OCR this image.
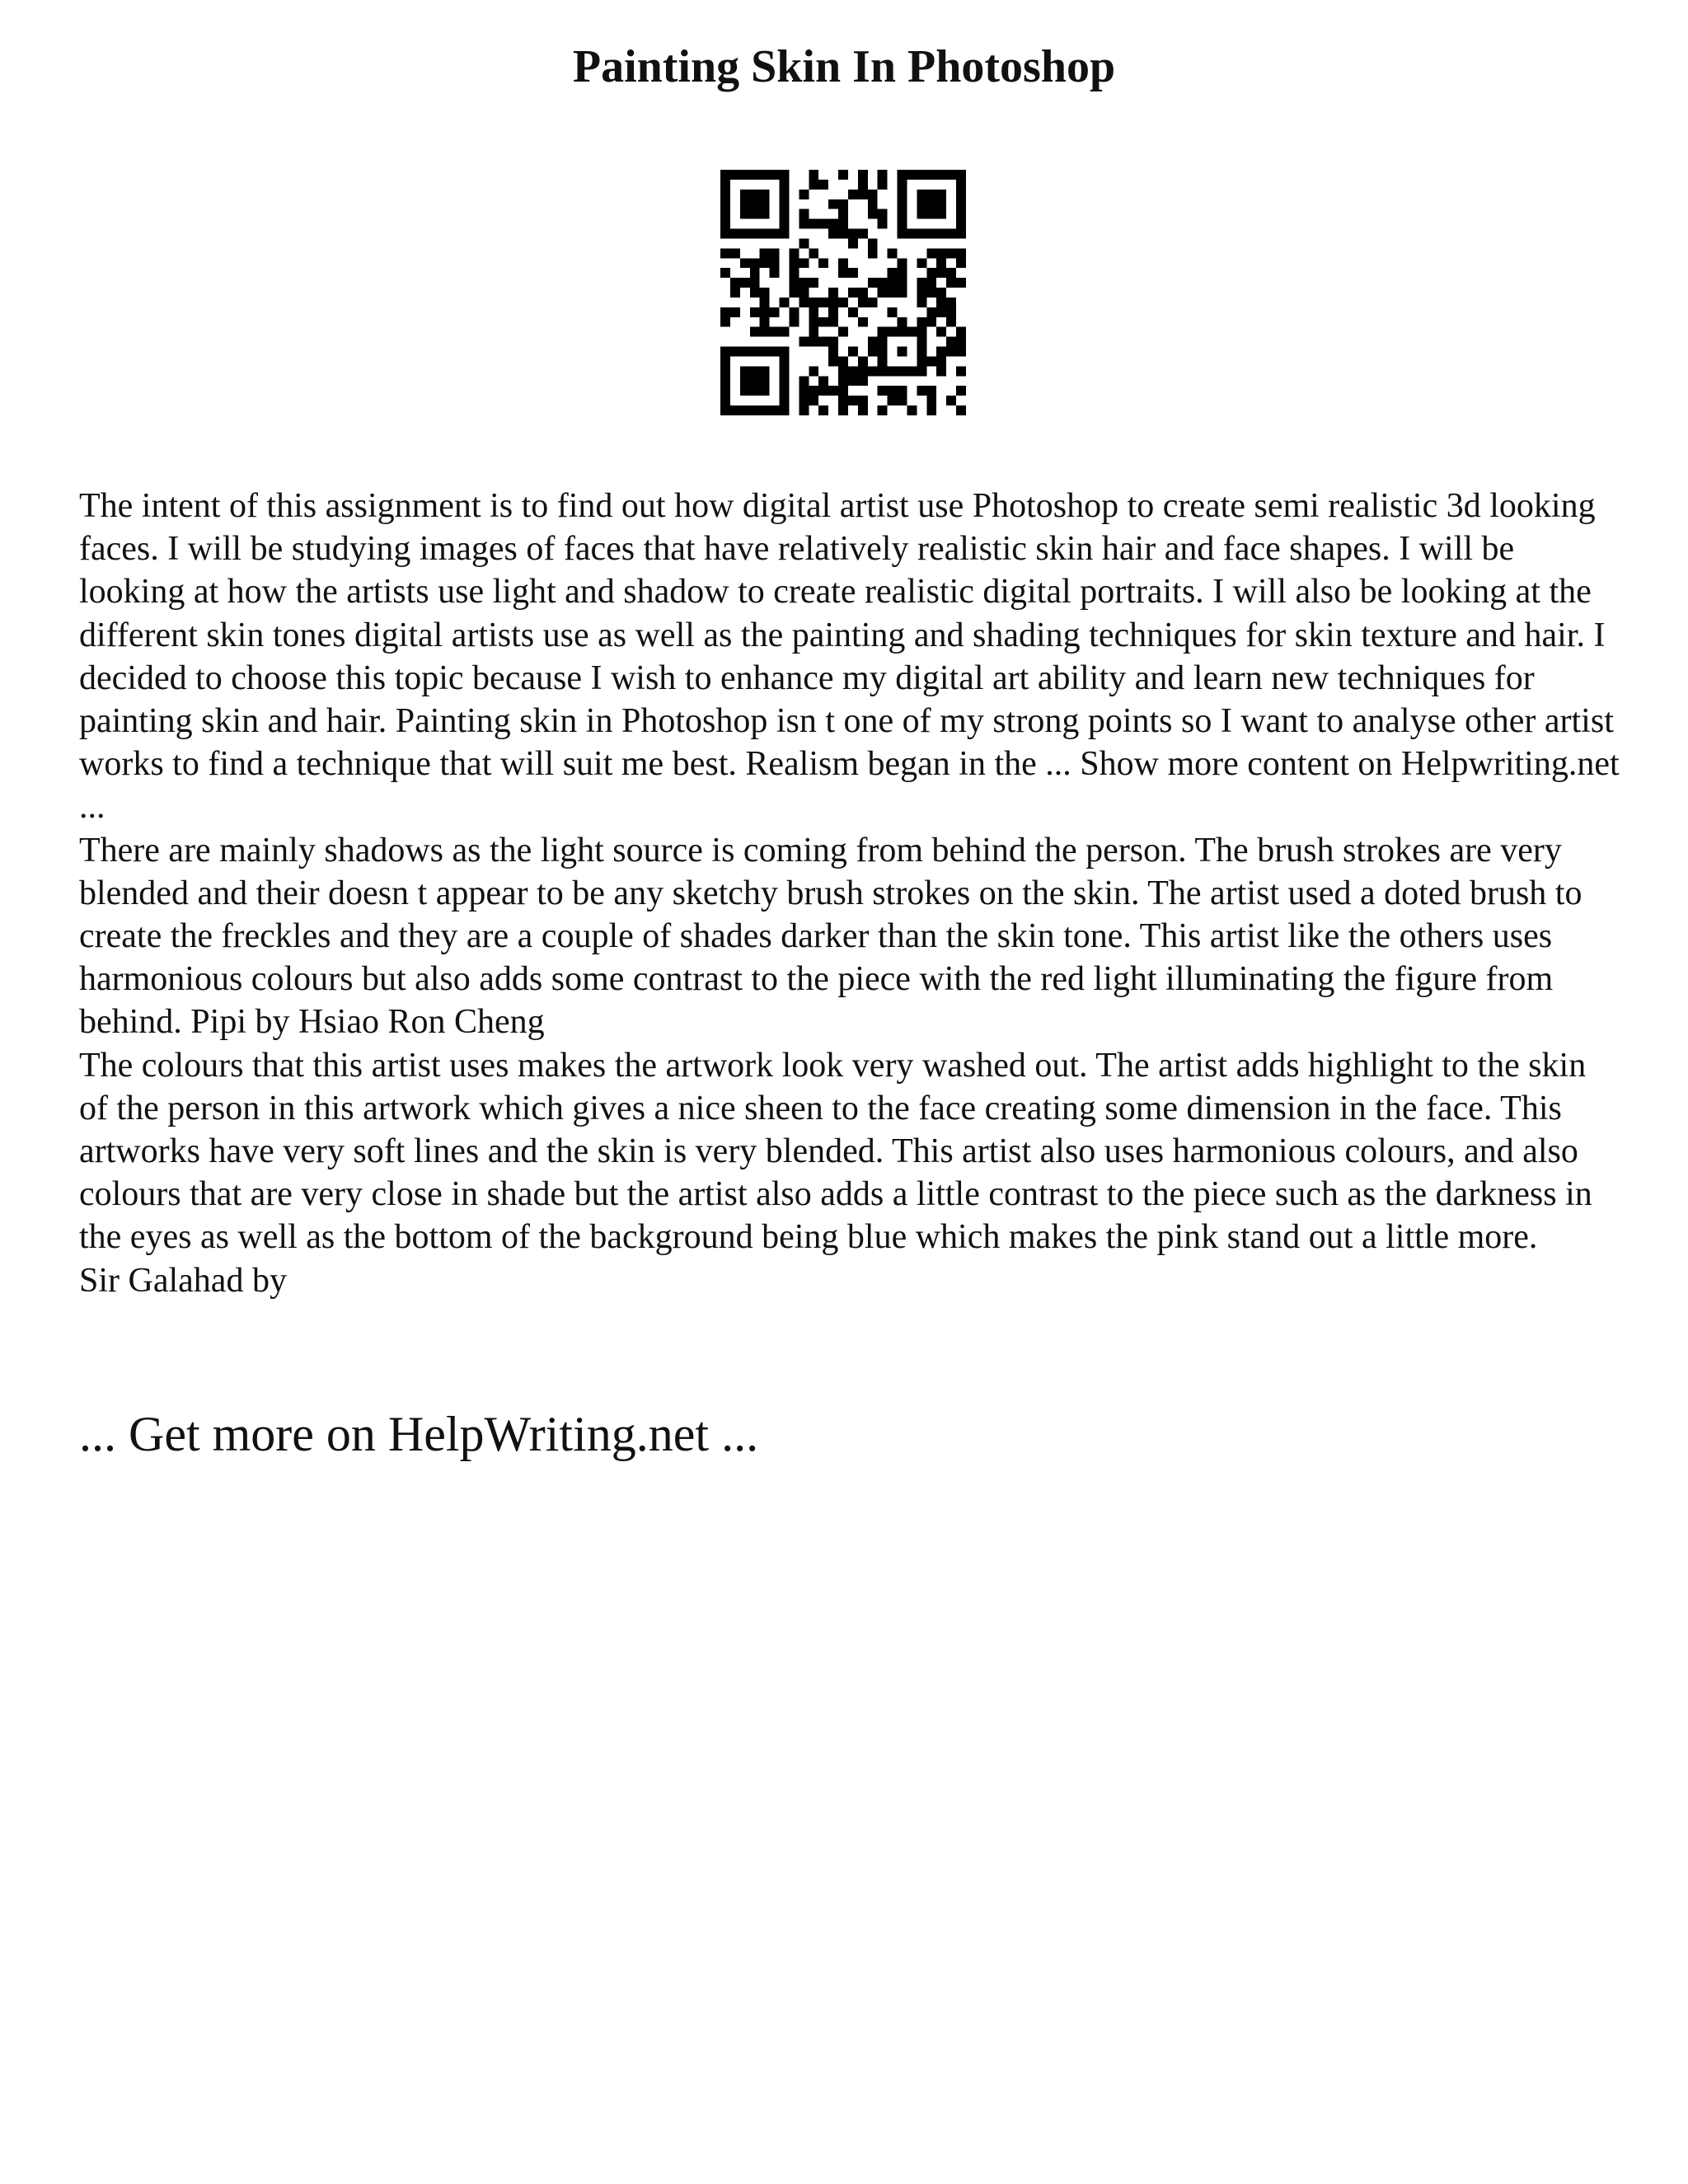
Painting Skin In Photoshop

The intent of this assignment is to find out how digital artist use Photoshop to create semi realistic 3d looking faces. I will be studying images of faces that have relatively realistic skin hair and face shapes. I will be looking at how the artists use light and shadow to create realistic digital portraits. I will also be looking at the different skin tones digital artists use as well as the painting and shading techniques for skin texture and hair. I decided to choose this topic because I wish to enhance my digital art ability and learn new techniques for painting skin and hair. Painting skin in Photoshop isn t one of my strong points so I want to analyse other artist works to find a technique that will suit me best. Realism began in the ... Show more content on Helpwriting.net ...

There are mainly shadows as the light source is coming from behind the person. The brush strokes are very blended and their doesn t appear to be any sketchy brush strokes on the skin. The artist used a doted brush to create the freckles and they are a couple of shades darker than the skin tone. This artist like the others uses harmonious colours but also adds some contrast to the piece with the red light illuminating the figure from behind. Pipi by Hsiao Ron Cheng

The colours that this artist uses makes the artwork look very washed out. The artist adds highlight to the skin of the person in this artwork which gives a nice sheen to the face creating some dimension in the face. This artworks have very soft lines and the skin is very blended. This artist also uses harmonious colours, and also colours that are very close in shade but the artist also adds a little contrast to the piece such as the darkness in the eyes as well as the bottom of the background being blue which makes the pink stand out a little more.

Sir Galahad by

... Get more on HelpWriting.net ...
